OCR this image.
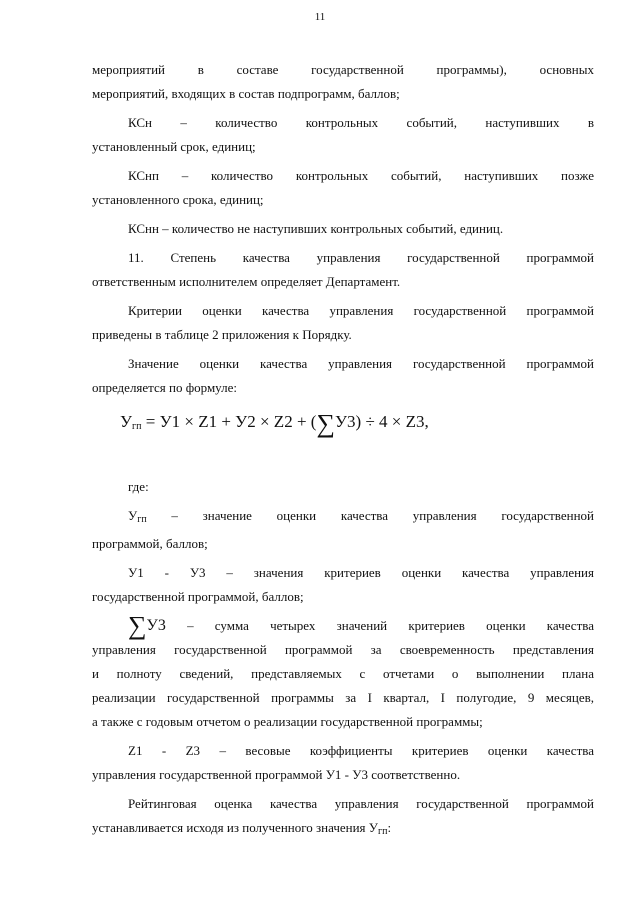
11

мероприятий в составе государственной программы), основных
мероприятий, входящих в состав подпрограмм, баллов;

КСн – количество контрольных событий, наступивших в
установленный срок, единиц;

КСнп – количество контрольных событий, наступивших позже
установленного срока, единиц;

КСнн – количество не наступивших контрольных событий, единиц.

11. Степень качества управления государственной программой
ответственным исполнителем определяет Департамент.

Критерии оценки качества управления государственной программой
приведены в таблице 2 приложения к Порядку.

Значение оценки качества управления государственной программой
определяется по формуле:

$У_{гп} = У1 \times Z1 + У2 \times Z2 + (\sum У3) \div 4 \times Z3$,

где:

$У_{гп}$ – значение оценки качества управления государственной
программой, баллов;

У1 - У3 – значения критериев оценки качества управления
государственной программой, баллов;

∑У3 – сумма четырех значений критериев оценки качества
управления государственной программой за своевременность представления
и полноту сведений, представляемых с отчетами о выполнении плана
реализации государственной программы за I квартал, I полугодие, 9 месяцев,
а также с годовым отчетом о реализации государственной программы;

Z1 - Z3 – весовые коэффициенты критериев оценки качества
управления государственной программой У1 - У3 соответственно.

Рейтинговая оценка качества управления государственной программой
устанавливается исходя из полученного значения $У_{гп}$:
